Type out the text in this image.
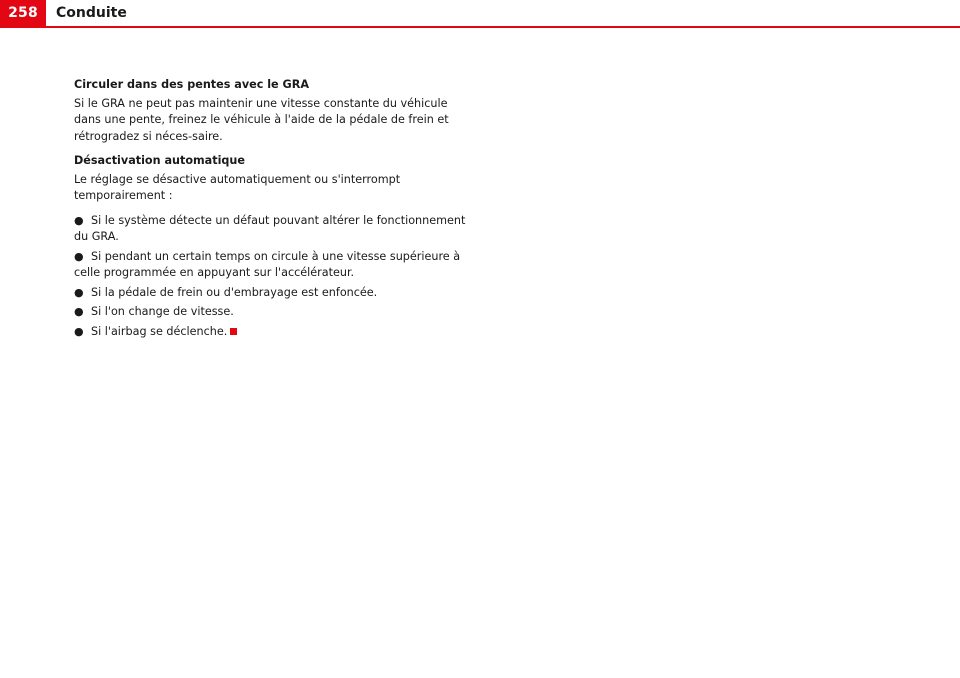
258	Conduite
Circuler dans des pentes avec le GRA

Si le GRA ne peut pas maintenir une vitesse constante du véhicule dans une pente, freinez le véhicule à l'aide de la pédale de frein et rétrogradez si néces-saire.

Désactivation automatique

Le réglage se désactive automatiquement ou s'interrompt temporairement :

● Si le système détecte un défaut pouvant altérer le fonctionnement du GRA.
● Si pendant un certain temps on circule à une vitesse supérieure à celle programmée en appuyant sur l'accélérateur.
● Si la pédale de frein ou d'embrayage est enfoncée.
● Si l'on change de vitesse.
● Si l'airbag se déclenche.
